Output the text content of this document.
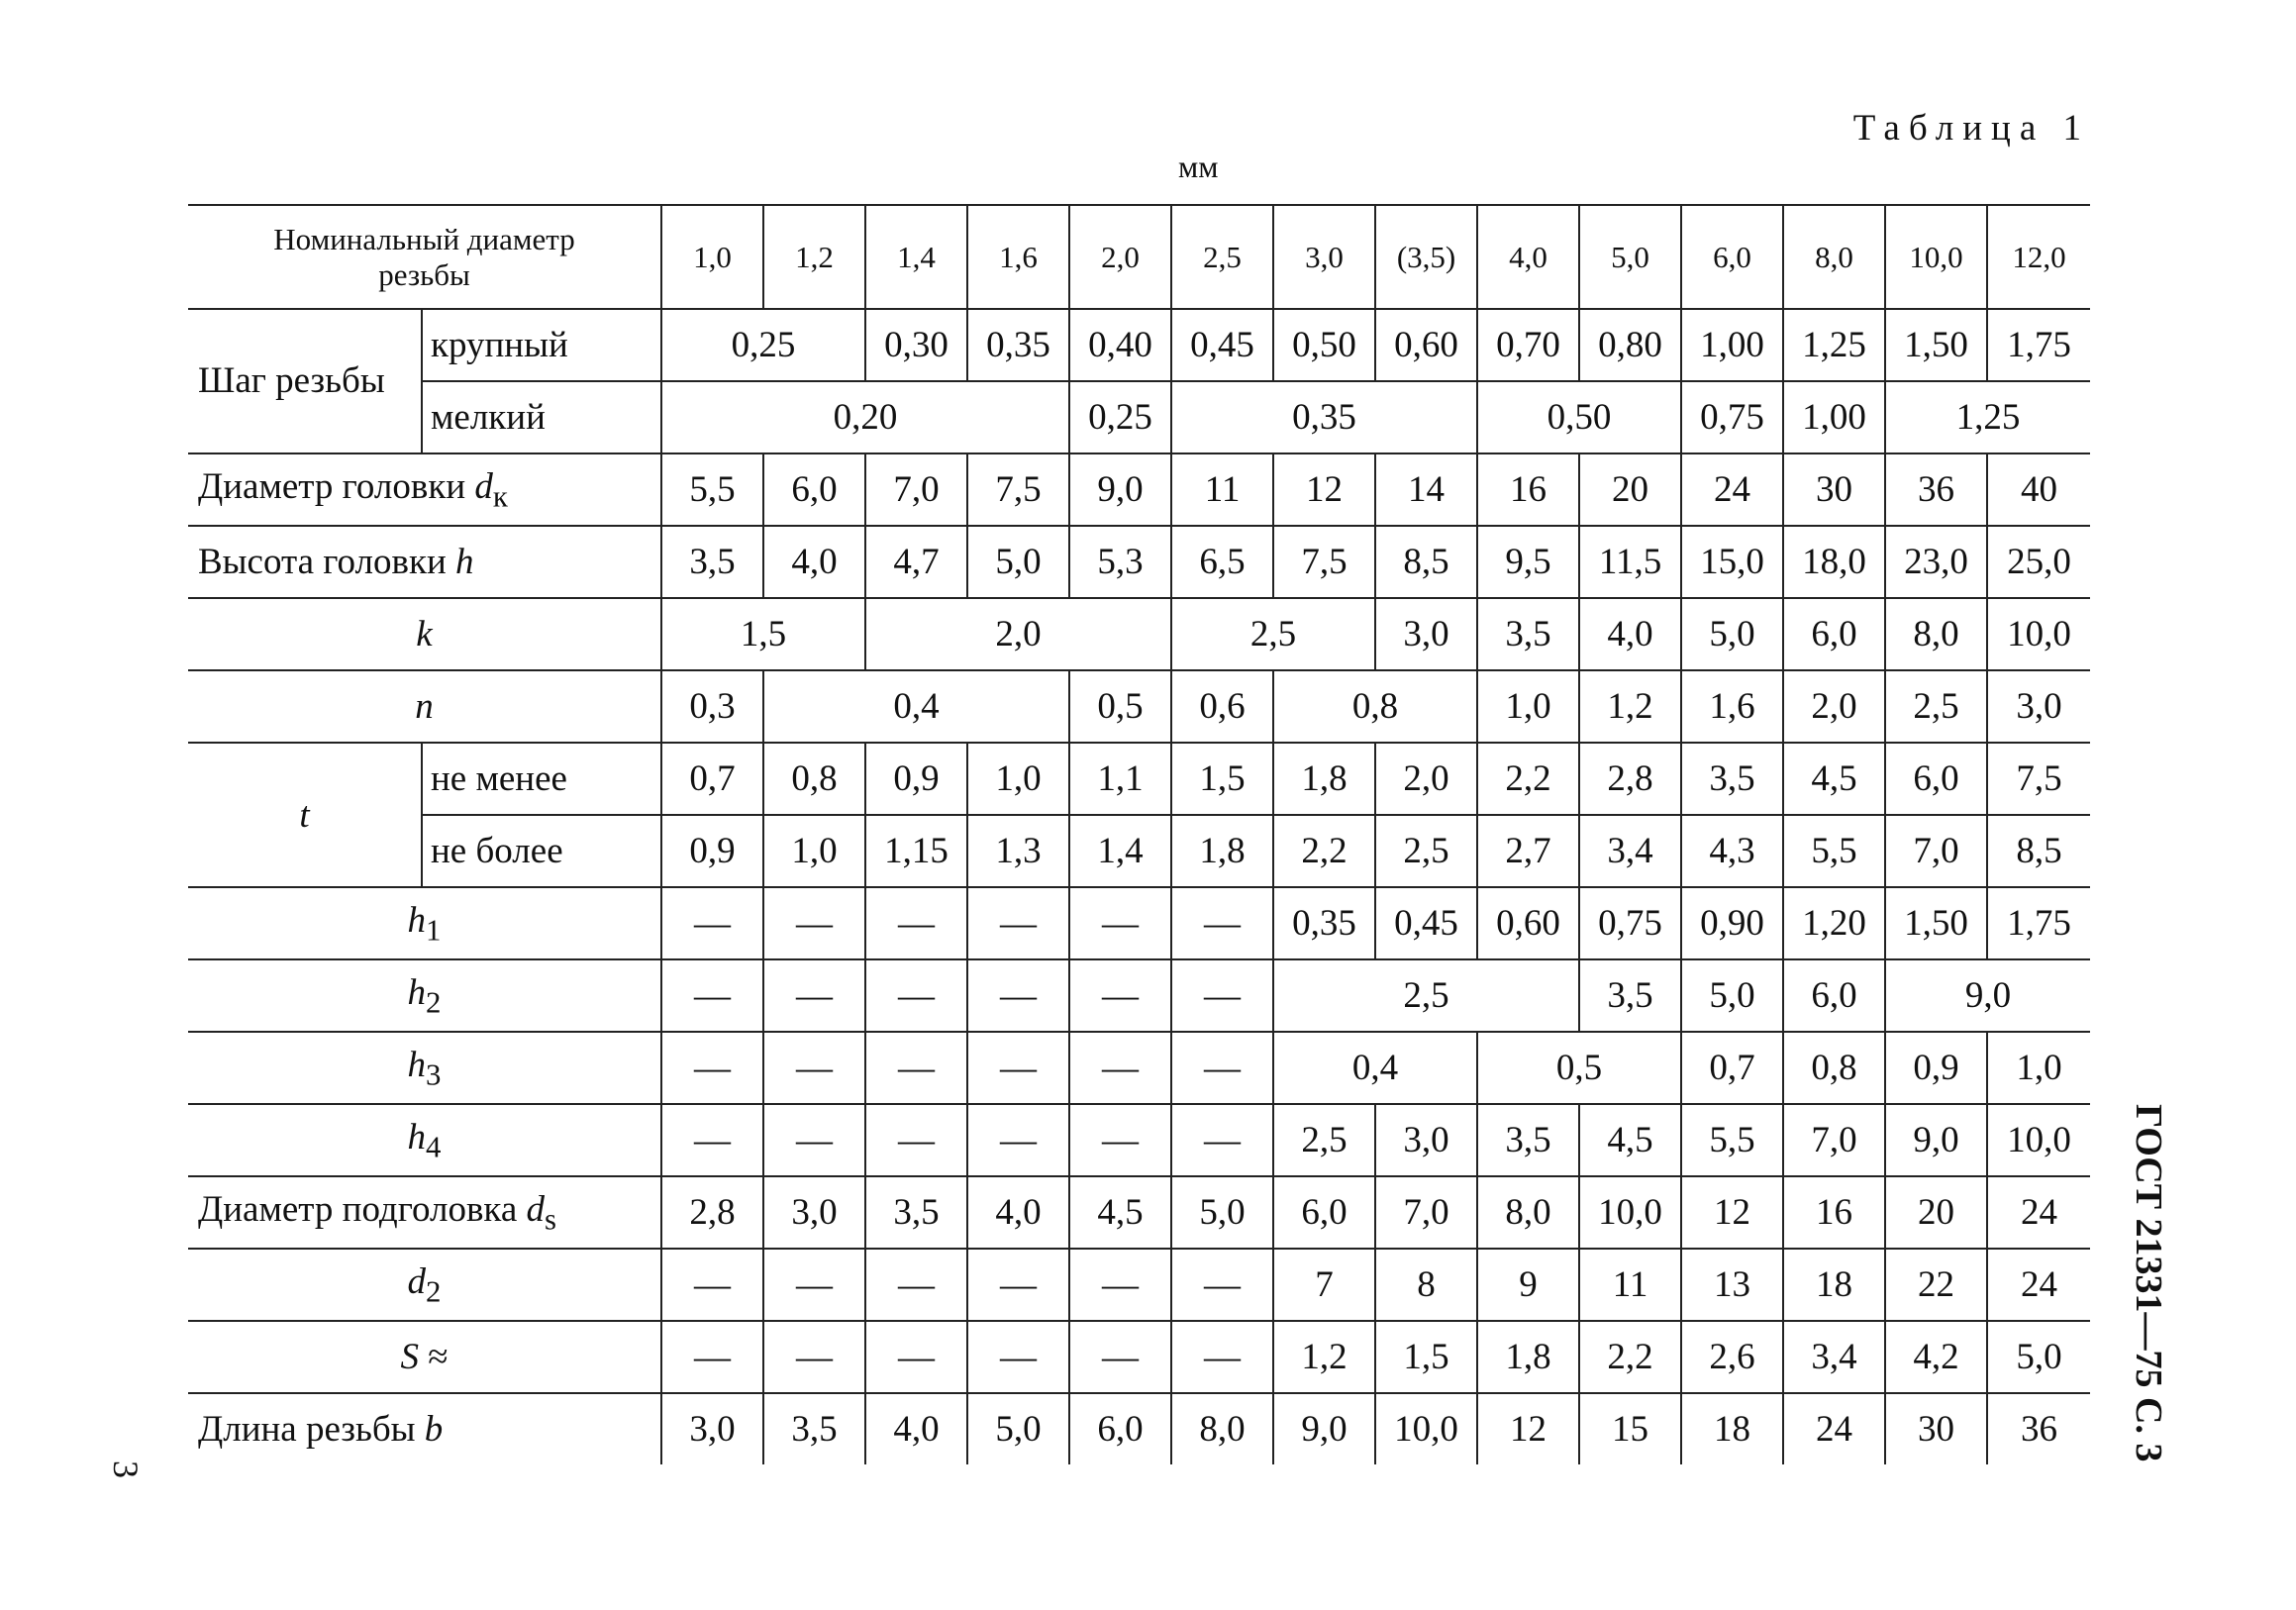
Таблица 1
мм
Номинальный диаметр резьбы		1,0	1,2	1,4	1,6	2,0	2,5	3,0	(3,5)	4,0	5,0	6,0	8,0	10,0	12,0
Шаг резьбы	крупный	0,25		0,30	0,35	0,40	0,45	0,50	0,60	0,70	0,80	1,00	1,25	1,50	1,75
	мелкий	0,20				0,25	0,35			0,50		0,75	1,00	1,25	
Диаметр головки $d_к$		5,5	6,0	7,0	7,5	9,0	11	12	14	16	20	24	30	36	40
Высота головки h		3,5	4,0	4,7	5,0	5,3	6,5	7,5	8,5	9,5	11,5	15,0	18,0	23,0	25,0
k		1,5		2,0			2,5		3,0	3,5	4,0	5,0	6,0	8,0	10,0
n		0,3	0,4			0,5	0,6	0,8		1,0	1,2	1,6	2,0	2,5	3,0
t	не менее	0,7	0,8	0,9	1,0	1,1	1,5	1,8	2,0	2,2	2,8	3,5	4,5	6,0	7,5
	не более	0,9	1,0	1,15	1,3	1,4	1,8	2,2	2,5	2,7	3,4	4,3	5,5	7,0	8,5
$h_1$		—	—	—	—	—	—	0,35	0,45	0,60	0,75	0,90	1,20	1,50	1,75
$h_2$		—	—	—	—	—	—	2,5			3,5	5,0	6,0	9,0	
$h_3$		—	—	—	—	—	—	0,4		0,5		0,7	0,8	0,9	1,0
$h_4$		—	—	—	—	—	—	2,5	3,0	3,5	4,5	5,5	7,0	9,0	10,0
Диаметр подголовка $d_s$		2,8	3,0	3,5	4,0	4,5	5,0	6,0	7,0	8,0	10,0	12	16	20	24
$d_2$		—	—	—	—	—	—	7	8	9	11	13	18	22	24
S ≈		—	—	—	—	—	—	1,2	1,5	1,8	2,2	2,6	3,4	4,2	5,0
Длина резьбы b		3,0	3,5	4,0	5,0	6,0	8,0	9,0	10,0	12	15	18	24	30	36 ГОСТ 21331—75 С. 3
3
